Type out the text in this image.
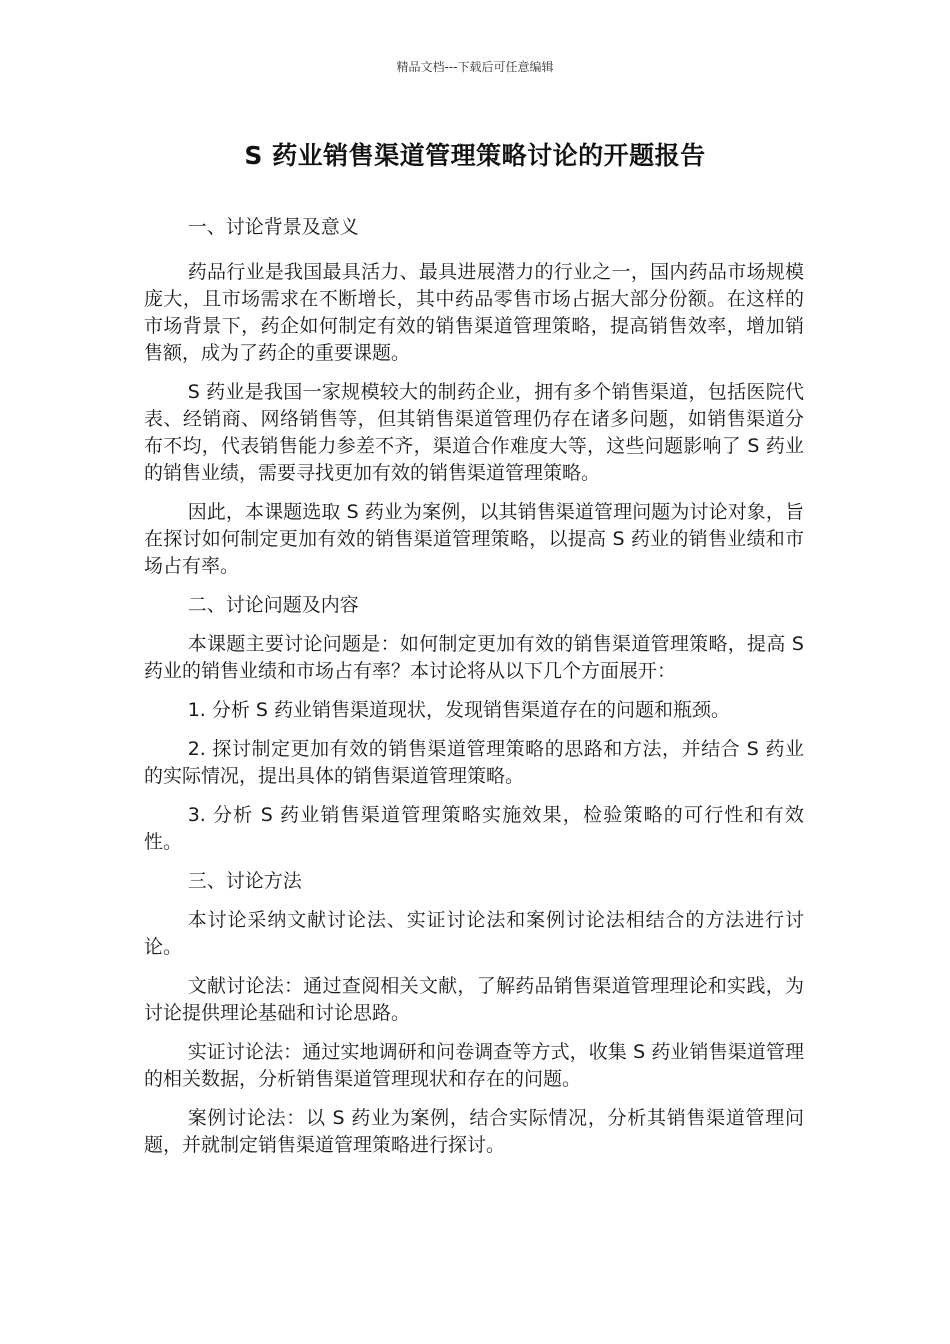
精品文档---下载后可任意编辑
S 药业销售渠道管理策略讨论的开题报告

一、讨论背景及意义

药品行业是我国最具活力、最具进展潜力的行业之一，国内药品市场规模庞大，且市场需求在不断增长，其中药品零售市场占据大部分份额。在这样的市场背景下，药企如何制定有效的销售渠道管理策略，提高销售效率，增加销售额，成为了药企的重要课题。

S 药业是我国一家规模较大的制药企业，拥有多个销售渠道，包括医院代表、经销商、网络销售等，但其销售渠道管理仍存在诸多问题，如销售渠道分布不均，代表销售能力参差不齐，渠道合作难度大等，这些问题影响了 S 药业的销售业绩，需要寻找更加有效的销售渠道管理策略。

因此，本课题选取 S 药业为案例，以其销售渠道管理问题为讨论对象，旨在探讨如何制定更加有效的销售渠道管理策略，以提高 S 药业的销售业绩和市场占有率。

二、讨论问题及内容

本课题主要讨论问题是：如何制定更加有效的销售渠道管理策略，提高 S 药业的销售业绩和市场占有率？本讨论将从以下几个方面展开：

1. 分析 S 药业销售渠道现状，发现销售渠道存在的问题和瓶颈。

2. 探讨制定更加有效的销售渠道管理策略的思路和方法，并结合 S 药业的实际情况，提出具体的销售渠道管理策略。

3. 分析 S 药业销售渠道管理策略实施效果，检验策略的可行性和有效性。

三、讨论方法

本讨论采纳文献讨论法、实证讨论法和案例讨论法相结合的方法进行讨论。

文献讨论法：通过查阅相关文献，了解药品销售渠道管理理论和实践，为讨论提供理论基础和讨论思路。

实证讨论法：通过实地调研和问卷调查等方式，收集 S 药业销售渠道管理的相关数据，分析销售渠道管理现状和存在的问题。

案例讨论法：以 S 药业为案例，结合实际情况，分析其销售渠道管理问题，并就制定销售渠道管理策略进行探讨。
